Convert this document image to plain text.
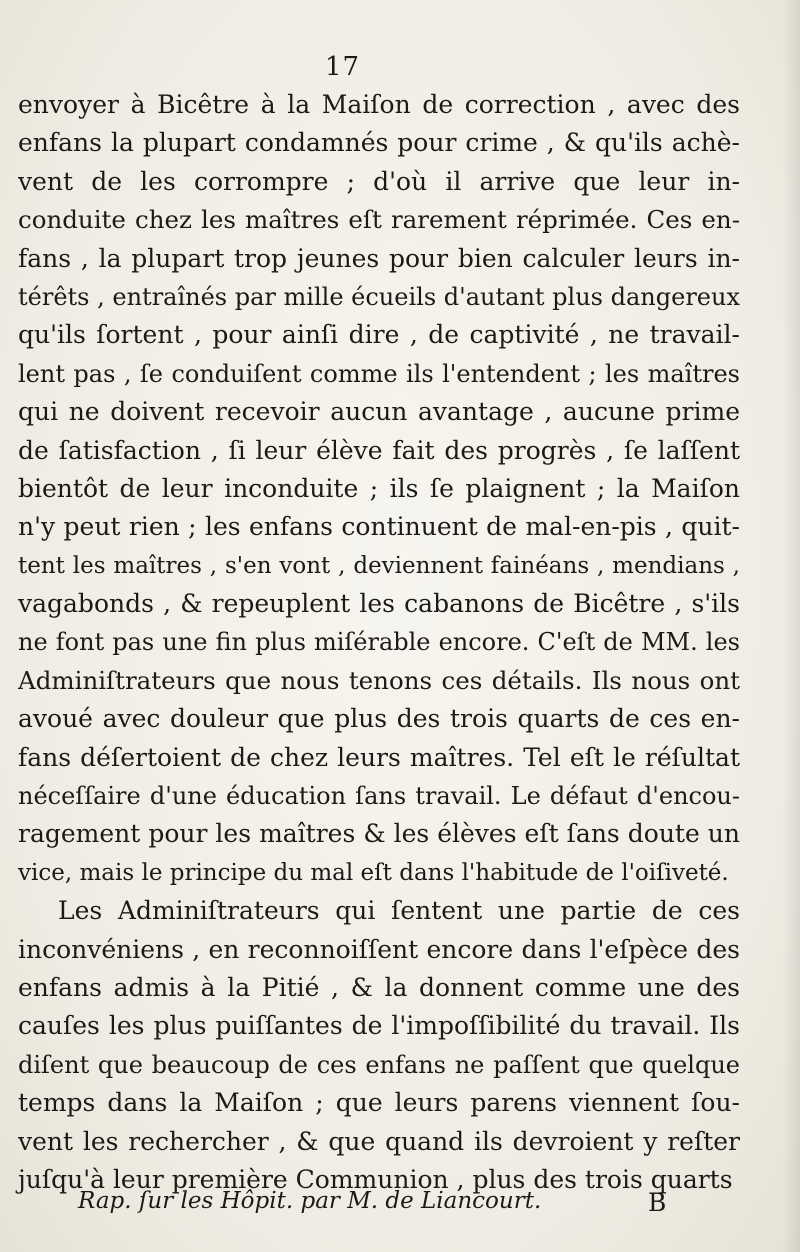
17
envoyer à Bicêtre à la Maiſon de correction , avec des
enfans la plupart condamnés pour crime , & qu'ils achè-
vent de les corrompre ; d'où il arrive que leur in-
conduite chez les maîtres eſt rarement réprimée. Ces en-
fans , la plupart trop jeunes pour bien calculer leurs in-
térêts , entraînés par mille écueils d'autant plus dangereux
qu'ils ſortent , pour ainſi dire , de captivité , ne travail-
lent pas , ſe conduiſent comme ils l'entendent ; les maîtres
qui ne doivent recevoir aucun avantage , aucune prime
de ſatisfaction , ſi leur élève fait des progrès , ſe laſſent
bientôt de leur inconduite ; ils ſe plaignent ; la Maiſon
n'y peut rien ; les enfans continuent de mal-en-pis , quit-
tent les maîtres , s'en vont , deviennent fainéans , mendians ,
vagabonds , & repeuplent les cabanons de Bicêtre , s'ils
ne font pas une fin plus miſérable encore. C'eſt de MM. les
Adminiſtrateurs que nous tenons ces détails. Ils nous ont
avoué avec douleur que plus des trois quarts de ces en-
fans déſertoient de chez leurs maîtres. Tel eſt le réſultat
néceſſaire d'une éducation ſans travail. Le défaut d'encou-
ragement pour les maîtres & les élèves eſt ſans doute un
vice, mais le principe du mal eſt dans l'habitude de l'oiſiveté.
Les Adminiſtrateurs qui ſentent une partie de ces
inconvéniens , en reconnoiſſent encore dans l'eſpèce des
enfans admis à la Pitié , & la donnent comme une des
cauſes les plus puiſſantes de l'impoſſibilité du travail. Ils
diſent que beaucoup de ces enfans ne paſſent que quelque
temps dans la Maiſon ; que leurs parens viennent ſou-
vent les rechercher , & que quand ils devroient y reſter
juſqu'à leur première Communion , plus des trois quarts
Rap. ſur les Hôpit. par M. de Liancourt.	B
